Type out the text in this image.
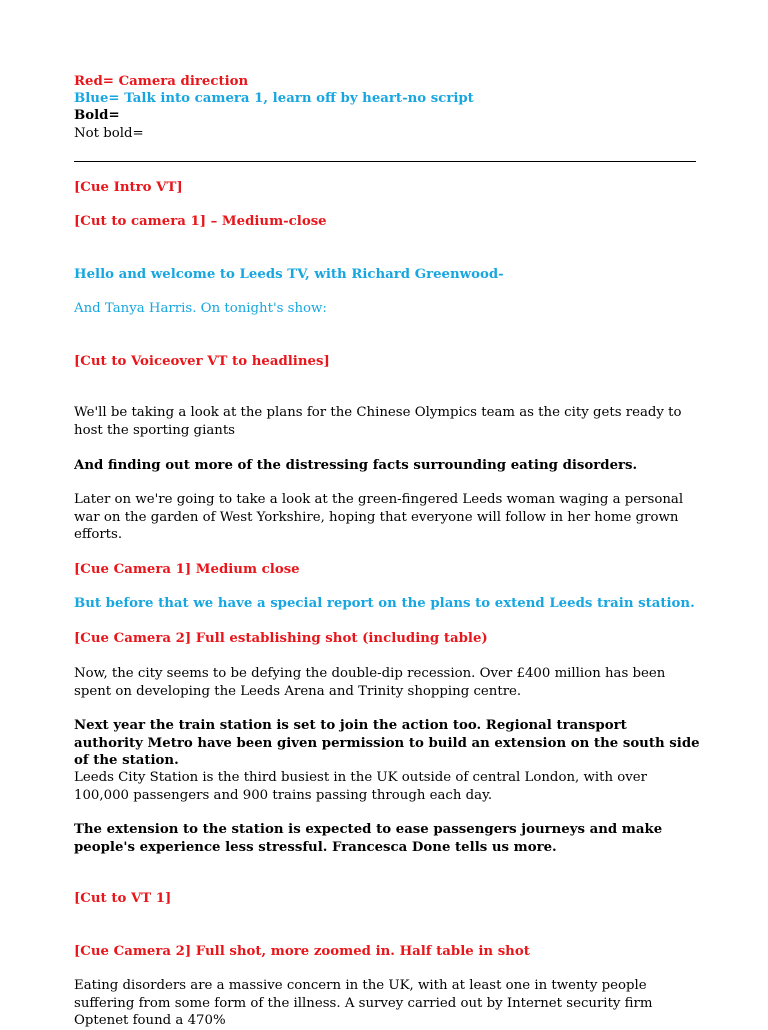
Red= Camera direction

Blue= Talk into camera 1, learn off by heart-no script

Bold=

Not bold=

[Cue Intro VT]

[Cut to camera 1] – Medium-close

Hello and welcome to Leeds TV, with Richard Greenwood-

And Tanya Harris. On tonight's show:

[Cut to Voiceover VT to headlines]

We'll be taking a look at the plans for the Chinese Olympics team as the city gets ready to host the sporting giants

And finding out more of the distressing facts surrounding eating disorders.

Later on we're going to take a look at the green-fingered Leeds woman waging a personal war on the garden of West Yorkshire, hoping that everyone will follow in her home grown efforts.

[Cue Camera 1] Medium close

But before that we have a special report on the plans to extend Leeds train station.

[Cue Camera 2] Full establishing shot (including table)

Now, the city seems to be defying the double-dip recession. Over £400 million has been spent on developing the Leeds Arena and Trinity shopping centre.

Next year the train station is set to join the action too. Regional transport authority Metro have been given permission to build an extension on the south side of the station.

Leeds City Station is the third busiest in the UK outside of central London, with over 100,000 passengers and 900 trains passing through each day.

The extension to the station is expected to ease passengers journeys and make people's experience less stressful. Francesca Done tells us more.

[Cut to VT 1]

[Cue Camera 2] Full shot, more zoomed in. Half table in shot

Eating disorders are a massive concern in the UK, with at least one in twenty people suffering from some form of the illness. A survey carried out by Internet security firm Optenet found a 470%
